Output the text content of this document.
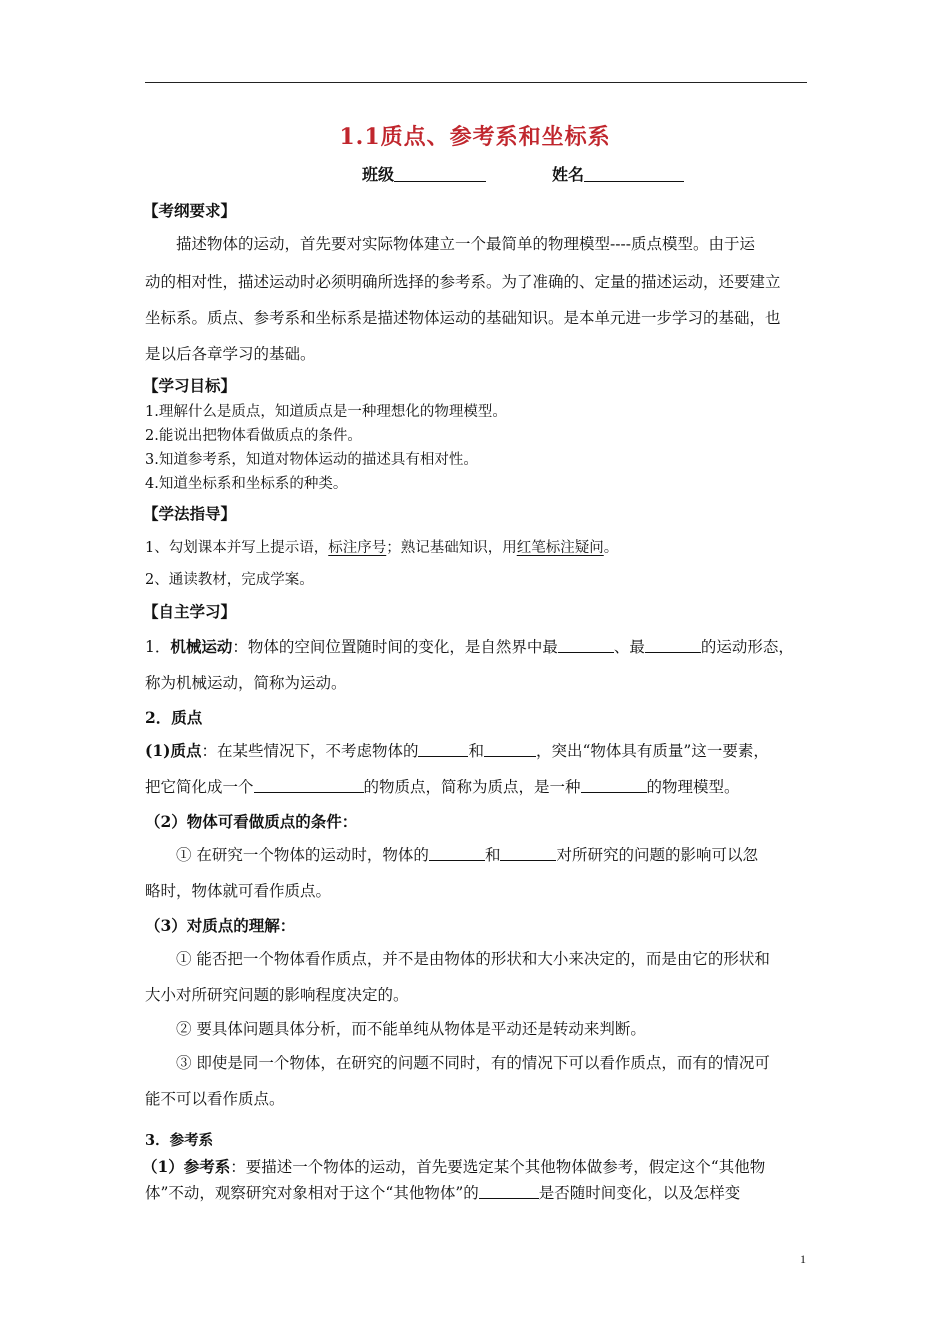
1.1质点、参考系和坐标系
班级	姓名
【考纲要求】
描述物体的运动，首先要对实际物体建立一个最简单的物理模型----质点模型。由于运
动的相对性，描述运动时必须明确所选择的参考系。为了准确的、定量的描述运动，还要建立
坐标系。质点、参考系和坐标系是描述物体运动的基础知识。是本单元进一步学习的基础，也
是以后各章学习的基础。
【学习目标】
1.理解什么是质点，知道质点是一种理想化的物理模型。
2.能说出把物体看做质点的条件。
3.知道参考系，知道对物体运动的描述具有相对性。
4.知道坐标系和坐标系的种类。
【学法指导】
1、勾划课本并写上提示语，标注序号；熟记基础知识，用红笔标注疑问。
2、通读教材，完成学案。
【自主学习】
1．机械运动：物体的空间位置随时间的变化，是自然界中最	、最	的运动形态，
称为机械运动，简称为运动。
2．质点
(1)质点：在某些情况下，不考虑物体的	和	，突出“物体具有质量”这一要素，
把它简化成一个	的物质点，简称为质点，是一种	的物理模型。
（2）物体可看做质点的条件：
① 在研究一个物体的运动时，物体的	和	对所研究的问题的影响可以忽
略时，物体就可看作质点。
（3）对质点的理解：
① 能否把一个物体看作质点，并不是由物体的形状和大小来决定的，而是由它的形状和
大小对所研究问题的影响程度决定的。
② 要具体问题具体分析，而不能单纯从物体是平动还是转动来判断。
③ 即使是同一个物体，在研究的问题不同时，有的情况下可以看作质点，而有的情况可
能不可以看作质点。
3．参考系
（1）参考系：要描述一个物体的运动，首先要选定某个其他物体做参考，假定这个“其他物
体”不动，观察研究对象相对于这个“其他物体”的	是否随时间变化，以及怎样变
1
